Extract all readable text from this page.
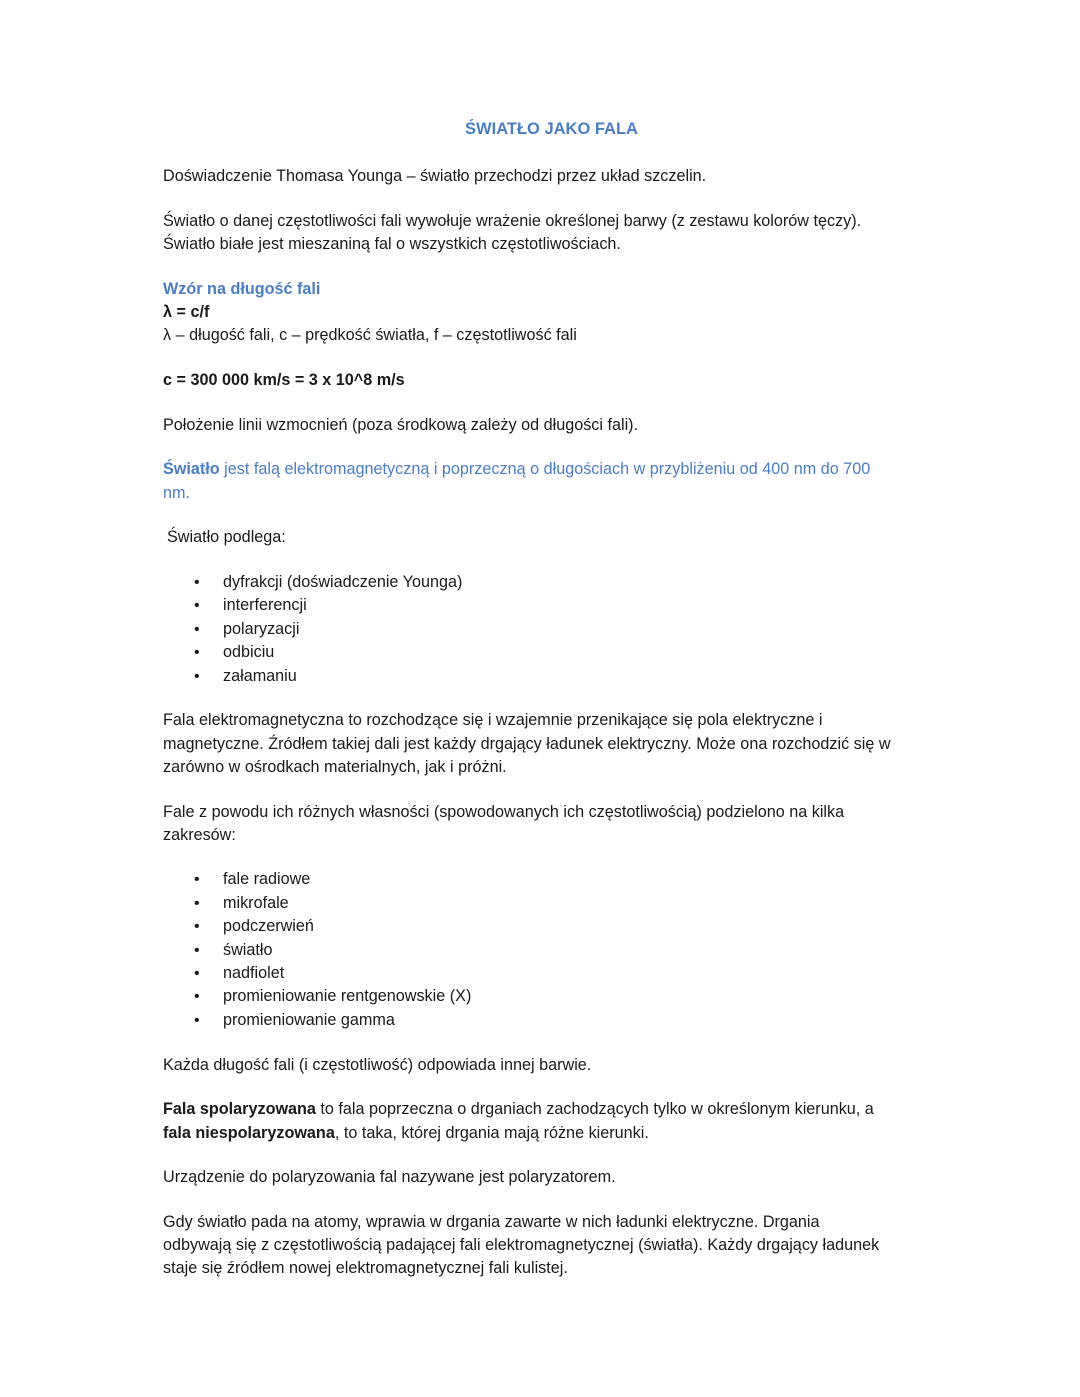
ŚWIATŁO JAKO FALA

Doświadczenie Thomasa Younga – światło przechodzi przez układ szczelin.

Światło o danej częstotliwości fali wywołuje wrażenie określonej barwy (z zestawu kolorów tęczy).
Światło białe jest mieszaniną fal o wszystkich częstotliwościach.

Wzór na długość fali
λ = c/f
λ – długość fali, c – prędkość światła, f – częstotliwość fali

c = 300 000 km/s = 3 x 10^8 m/s

Położenie linii wzmocnień (poza środkową zależy od długości fali).

Światło jest falą elektromagnetyczną i poprzeczną o długościach w przybliżeniu od 400 nm do 700
nm.

Światło podlega:

• dyfrakcji (doświadczenie Younga)
• interferencji
• polaryzacji
• odbiciu
• załamaniu

Fala elektromagnetyczna to rozchodzące się i wzajemnie przenikające się pola elektryczne i
magnetyczne. Źródłem takiej dali jest każdy drgający ładunek elektryczny. Może ona rozchodzić się w
zarówno w ośrodkach materialnych, jak i próżni.

Fale z powodu ich różnych własności (spowodowanych ich częstotliwością) podzielono na kilka
zakresów:

• fale radiowe
• mikrofale
• podczerwień
• światło
• nadfiolet
• promieniowanie rentgenowskie (X)
• promieniowanie gamma

Każda długość fali (i częstotliwość) odpowiada innej barwie.

Fala spolaryzowana to fala poprzeczna o drganiach zachodzących tylko w określonym kierunku, a
fala niespolaryzowana, to taka, której drgania mają różne kierunki.

Urządzenie do polaryzowania fal nazywane jest polaryzatorem.

Gdy światło pada na atomy, wprawia w drgania zawarte w nich ładunki elektryczne. Drgania
odbywają się z częstotliwością padającej fali elektromagnetycznej (światła). Każdy drgający ładunek
staje się źródłem nowej elektromagnetycznej fali kulistej.
